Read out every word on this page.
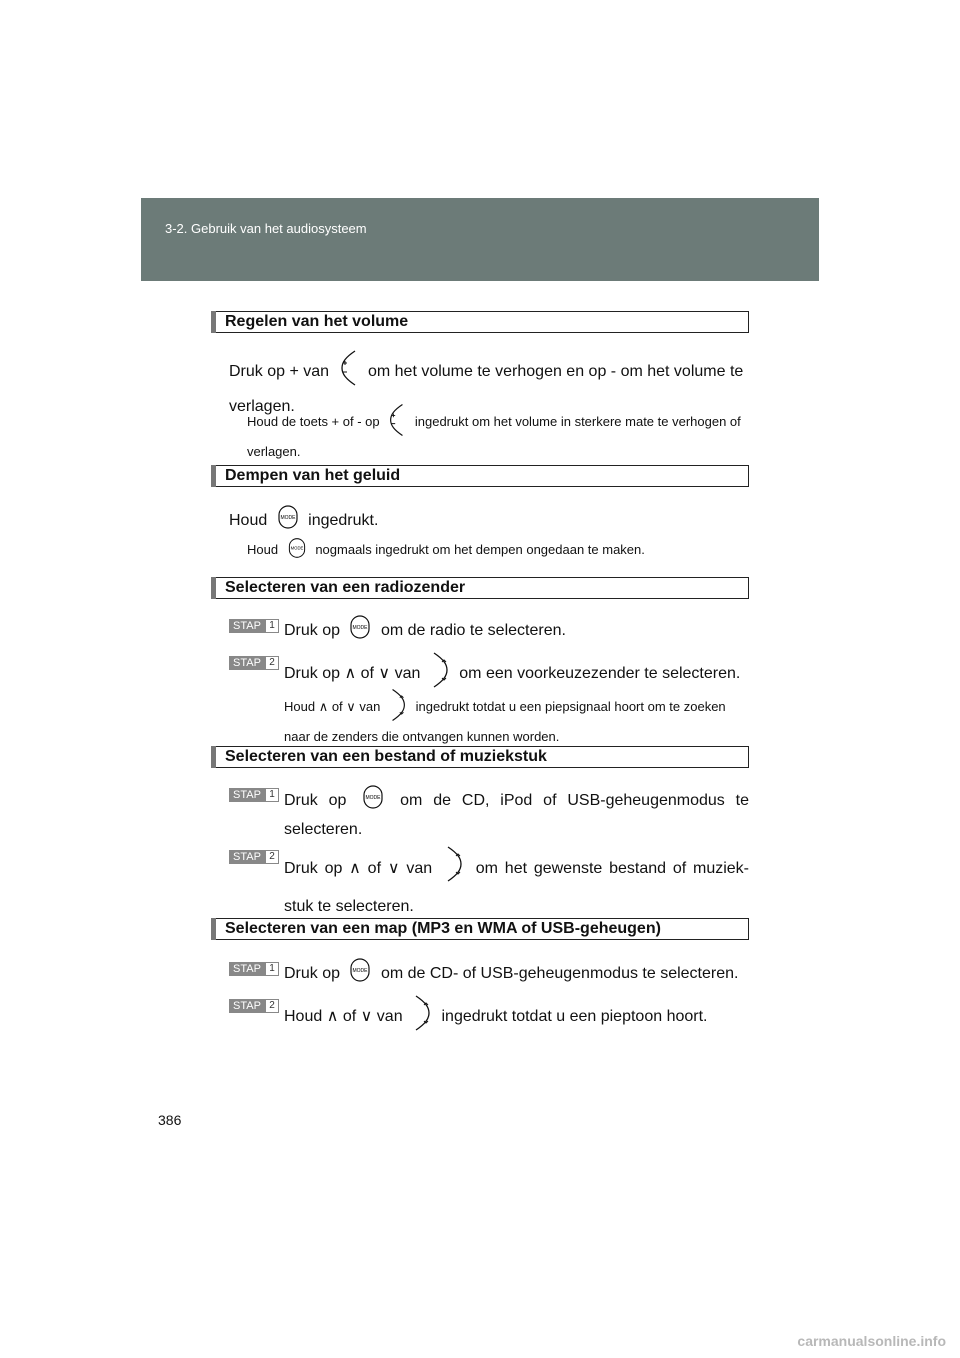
3-2. Gebruik van het audiosysteem
Regelen van het volume
Druk op + van om het volume te verhogen en op - om het volume te verlagen.
Houd de toets + of - op	ingedrukt om het volume in sterkere mate te verhogen of verlagen.
Dempen van het geluid
Houd	MODE ingedrukt.
Houd MODE nogmaals ingedrukt om het dempen ongedaan te maken.
Selecteren van een radiozender
STAP 1 Druk op	MODE om de radio te selecteren.
STAP 2
Druk op ∧ of ∨ van om een voorkeuzezender te selecteren.
Houd ∧ of ∨ van	ingedrukt totdat u een piepsignaal hoort om te zoeken naar de zenders die ontvangen kunnen worden.
Selecteren van een bestand of muziekstuk
STAP 1 Druk op	MODE om de CD, iPod of USB-geheugenmodus te selecteren.
STAP 2
Druk op ∧ of ∨ van	om het gewenste bestand of muziek-stuk te selecteren.
Selecteren van een map (MP3 en WMA of USB-geheugen)
STAP 1 Druk op	MODE om de CD- of USB-geheugenmodus te selecteren.
STAP 2
Houd ∧ of ∨ van ingedrukt totdat u een pieptoon hoort.
386
carmanualsonline.info
